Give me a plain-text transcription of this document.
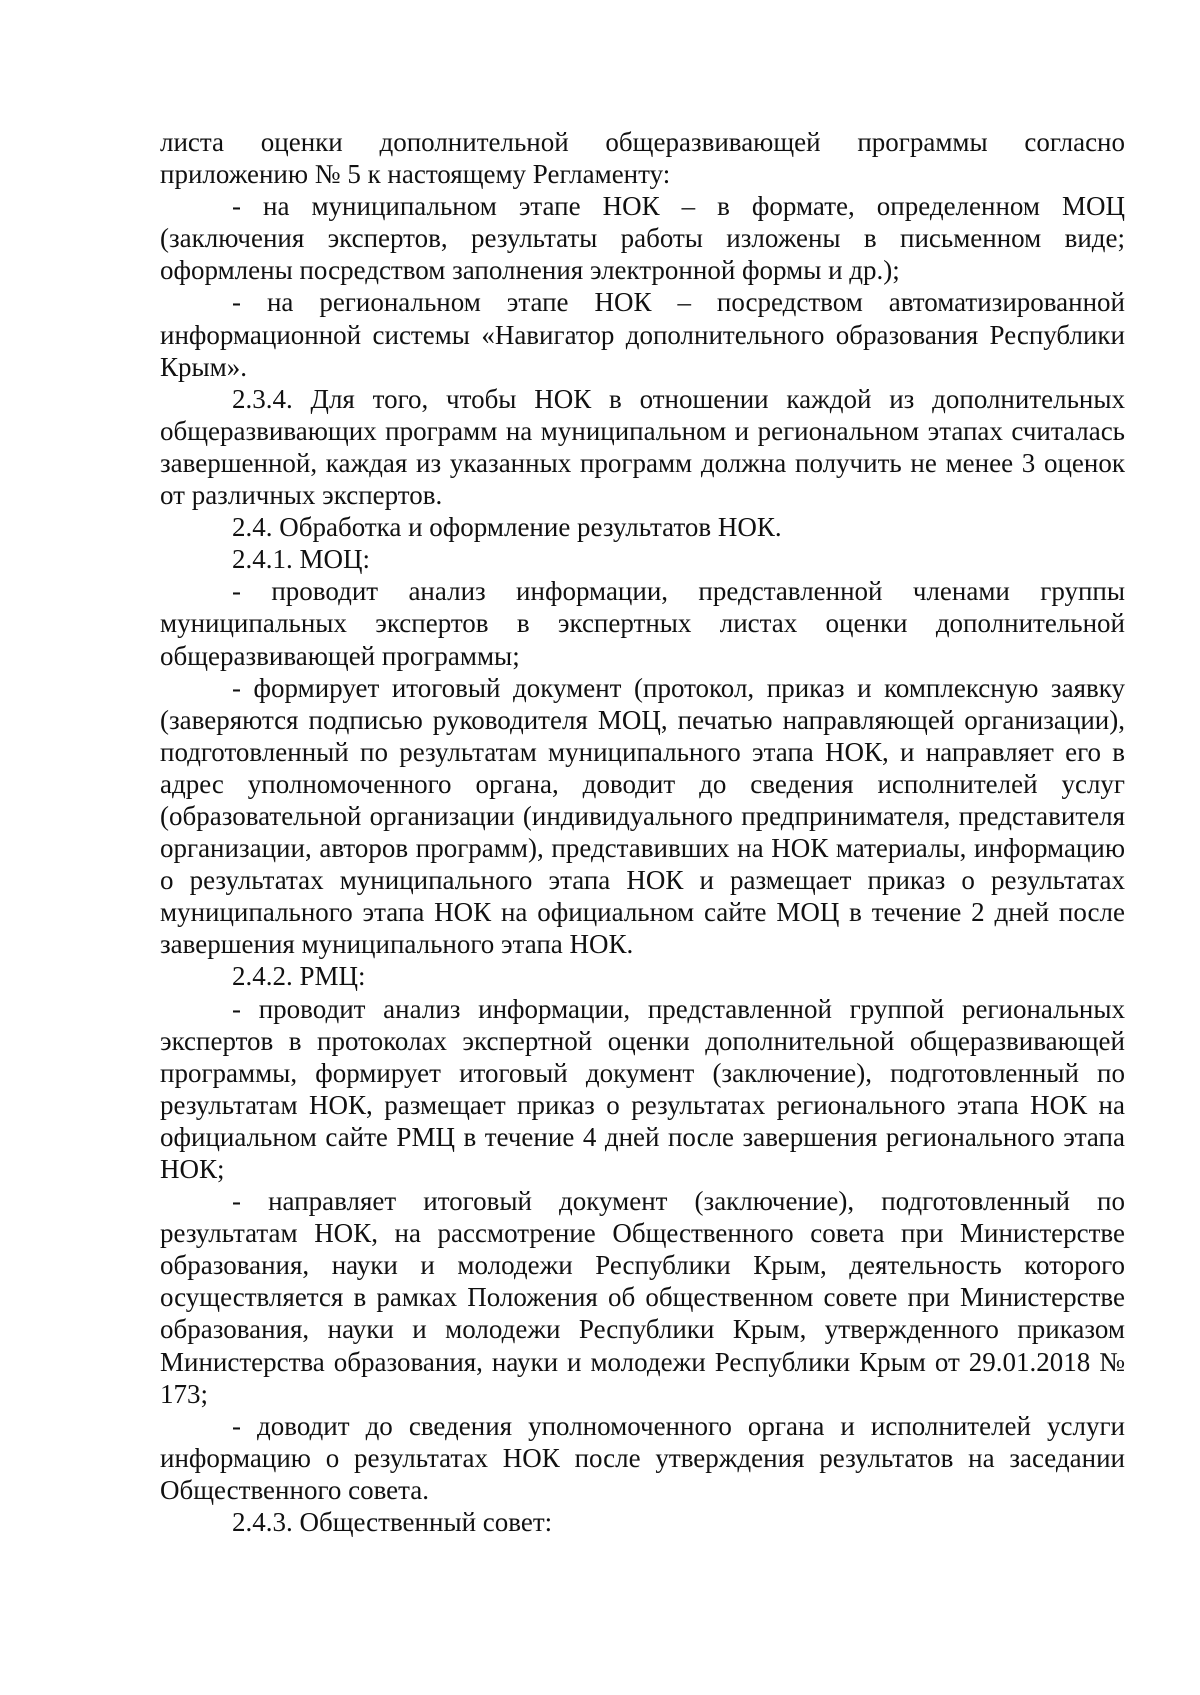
листа оценки дополнительной общеразвивающей программы согласно приложению № 5 к настоящему Регламенту:

- на муниципальном этапе НОК – в формате, определенном МОЦ (заключения экспертов, результаты работы изложены в письменном виде; оформлены посредством заполнения электронной формы и др.);

- на региональном этапе НОК – посредством автоматизированной информационной системы «Навигатор дополнительного образования Республики Крым».

2.3.4. Для того, чтобы НОК в отношении каждой из дополнительных общеразвивающих программ на муниципальном и региональном этапах считалась завершенной, каждая из указанных программ должна получить не менее 3 оценок от различных экспертов.

2.4. Обработка и оформление результатов НОК.

2.4.1. МОЦ:

- проводит анализ информации, представленной членами группы муниципальных экспертов в экспертных листах оценки дополнительной общеразвивающей программы;

- формирует итоговый документ (протокол, приказ и комплексную заявку (заверяются подписью руководителя МОЦ, печатью направляющей организации), подготовленный по результатам муниципального этапа НОК, и направляет его в адрес уполномоченного органа, доводит до сведения исполнителей услуг (образовательной организации (индивидуального предпринимателя, представителя организации, авторов программ), представивших на НОК материалы, информацию о результатах муниципального этапа НОК и размещает приказ о результатах муниципального этапа НОК на официальном сайте МОЦ в течение 2 дней после завершения муниципального этапа НОК.

2.4.2. РМЦ:

- проводит анализ информации, представленной группой региональных экспертов в протоколах экспертной оценки дополнительной общеразвивающей программы, формирует итоговый документ (заключение), подготовленный по результатам НОК, размещает приказ о результатах регионального этапа НОК на официальном сайте РМЦ в течение 4 дней после завершения регионального этапа НОК;

- направляет итоговый документ (заключение), подготовленный по результатам НОК, на рассмотрение Общественного совета при Министерстве образования, науки и молодежи Республики Крым, деятельность которого осуществляется в рамках Положения об общественном совете при Министерстве образования, науки и молодежи Республики Крым, утвержденного приказом Министерства образования, науки и молодежи Республики Крым от 29.01.2018 № 173;

- доводит до сведения уполномоченного органа и исполнителей услуги информацию о результатах НОК после утверждения результатов на заседании Общественного совета.

2.4.3. Общественный совет:
